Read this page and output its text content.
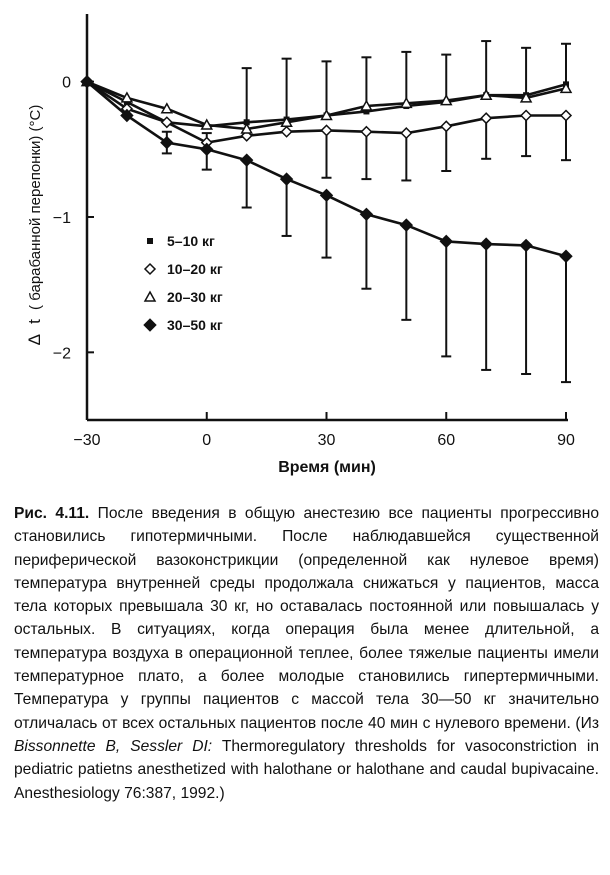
0
−1
−2
−30	0	30	60	90
5–10 кг
10–20 кг
20–30 кг
30–50 кг
Время (мин)
Δ t ( барабанной перепонки) (°C)
Рис. 4.11. После введения в общую анестезию все пациенты прогрессивно становились гипотермичными. После наблюдавшейся существенной периферической вазоконстрикции (определенной как нулевое время) температура внутренней среды продолжала снижаться у пациентов, масса тела которых превышала 30 кг, но оставалась постоянной или повышалась у остальных. В ситуациях, когда операция была менее длительной, а температура воздуха в операционной теплее, более тяжелые пациенты имели температурное плато, а более молодые становились гипертермичными. Температура у группы пациентов с массой тела 30—50 кг значительно отличалась от всех остальных пациентов после 40 мин с нулевого времени. (Из Bissonnette B, Sessler DI: Thermoregulatory thresholds for vasoconstriction in pediatric patietns anesthetized with halothane or halothane and caudal bupivacaine. Anesthesiology 76:387, 1992.)
